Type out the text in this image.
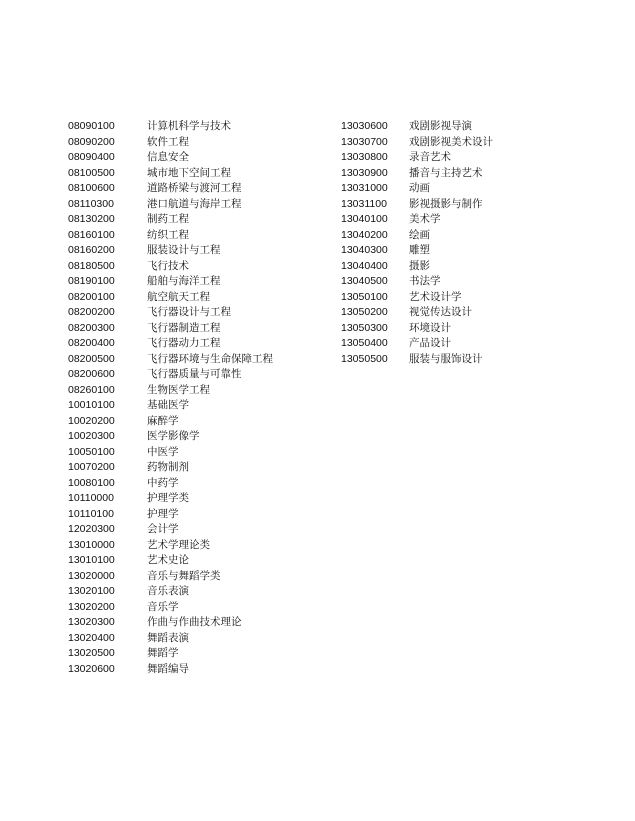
08090100	计算机科学与技术
08090200	软件工程
08090400	信息安全
08100500	城市地下空间工程
08100600	道路桥梁与渡河工程
08110300	港口航道与海岸工程
08130200	制药工程
08160100	纺织工程
08160200	服装设计与工程
08180500	飞行技术
08190100	船舶与海洋工程
08200100	航空航天工程
08200200	飞行器设计与工程
08200300	飞行器制造工程
08200400	飞行器动力工程
08200500	飞行器环境与生命保障工程
08200600	飞行器质量与可靠性
08260100	生物医学工程
10010100	基础医学
10020200	麻醉学
10020300	医学影像学
10050100	中医学
10070200	药物制剂
10080100	中药学
10110000	护理学类
10110100	护理学
12020300	会计学
13010000	艺术学理论类
13010100	艺术史论
13020000	音乐与舞蹈学类
13020100	音乐表演
13020200	音乐学
13020300	作曲与作曲技术理论
13020400	舞蹈表演
13020500	舞蹈学
13020600	舞蹈编导
13030600	戏剧影视导演
13030700	戏剧影视美术设计
13030800	录音艺术
13030900	播音与主持艺术
13031000	动画
13031100	影视摄影与制作
13040100	美术学
13040200	绘画
13040300	雕塑
13040400	摄影
13040500	书法学
13050100	艺术设计学
13050200	视觉传达设计
13050300	环境设计
13050400	产品设计
13050500	服装与服饰设计
